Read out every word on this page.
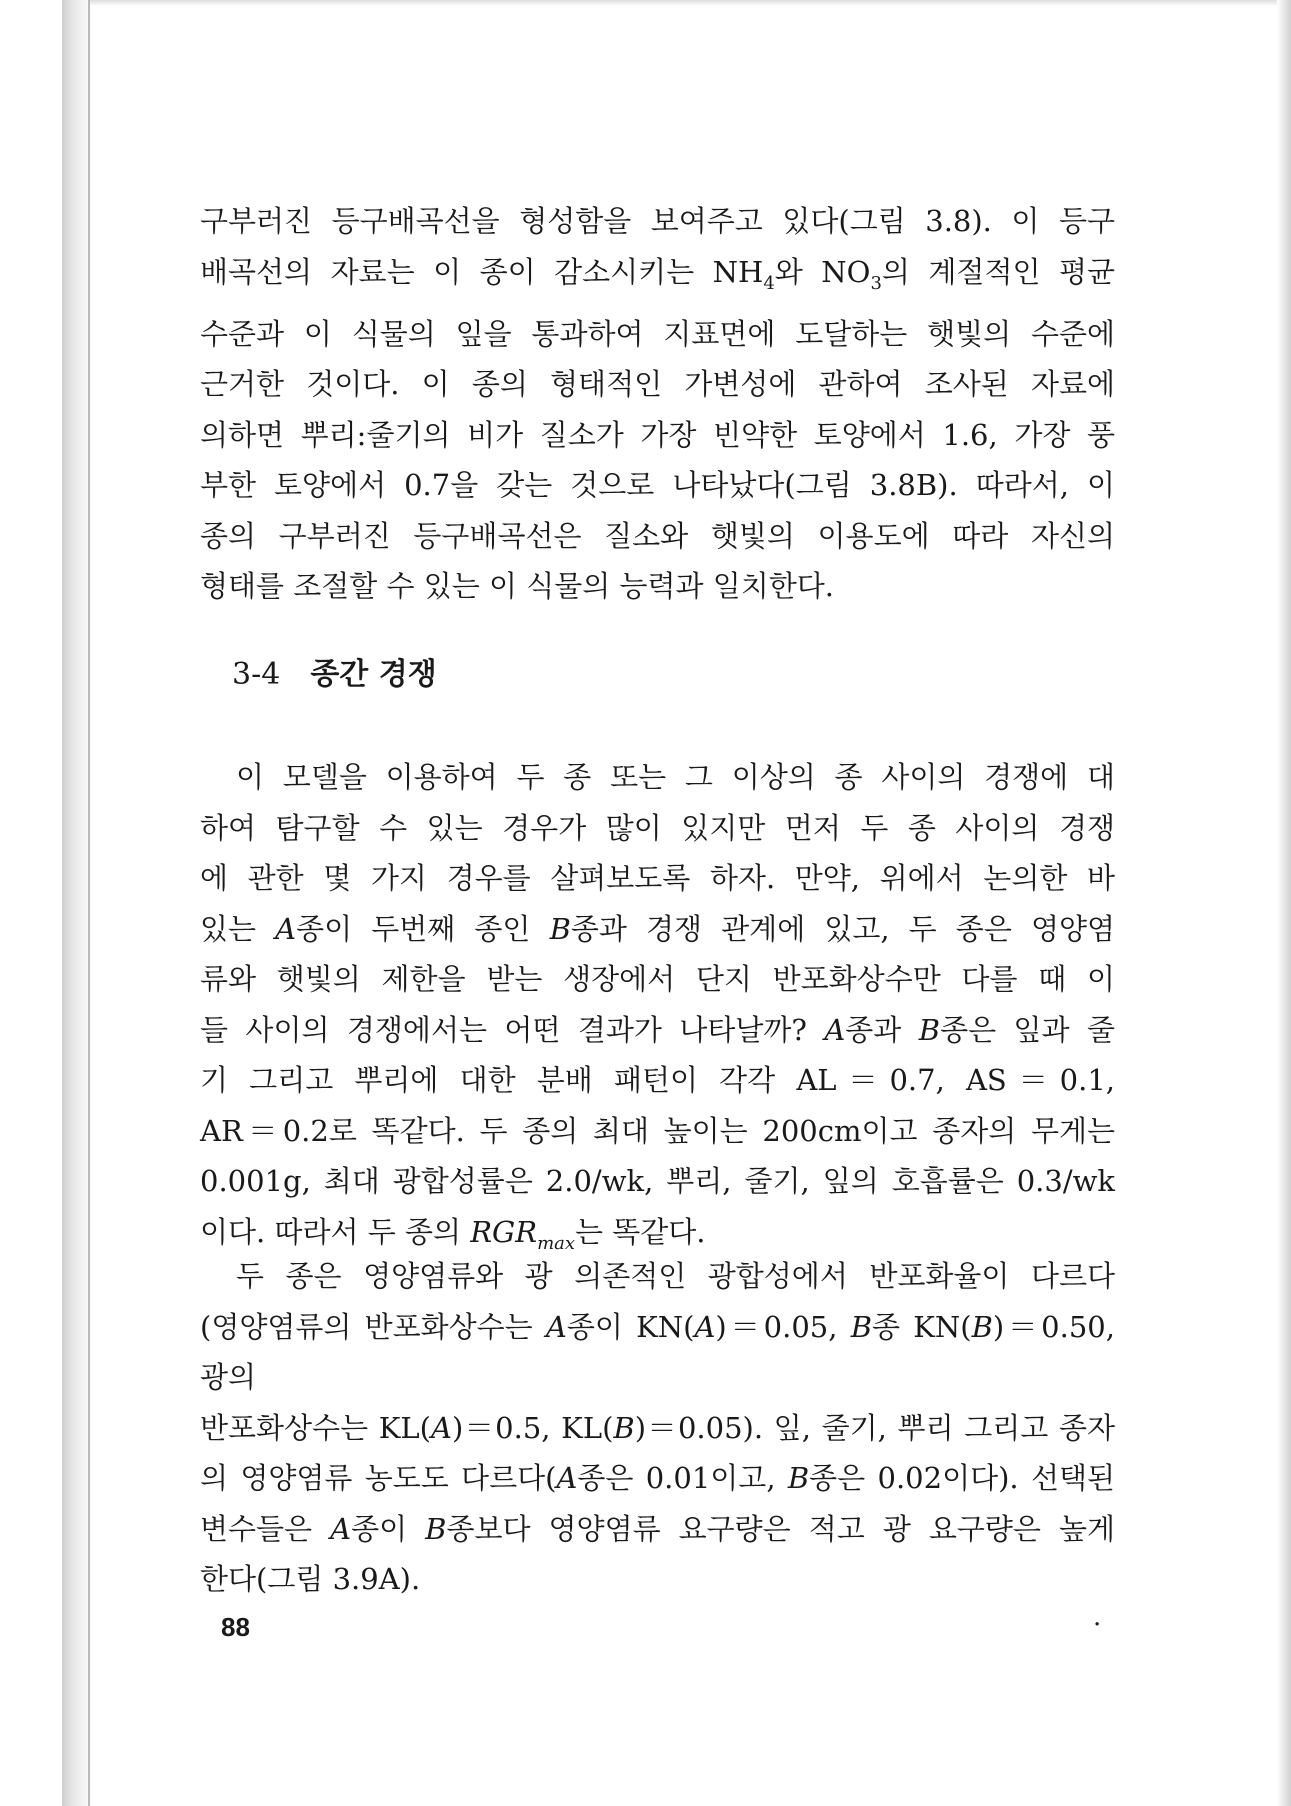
구부러진 등구배곡선을 형성함을 보여주고 있다(그림 3.8). 이 등구

배곡선의 자료는 이 종이 감소시키는 $NH_4$와 $NO_3$의 계절적인 평균

수준과 이 식물의 잎을 통과하여 지표면에 도달하는 햇빛의 수준에

근거한 것이다. 이 종의 형태적인 가변성에 관하여 조사된 자료에

의하면 뿌리:줄기의 비가 질소가 가장 빈약한 토양에서 1.6, 가장 풍

부한 토양에서 0.7을 갖는 것으로 나타났다(그림 3.8B). 따라서, 이

종의 구부러진 등구배곡선은 질소와 햇빛의 이용도에 따라 자신의

형태를 조절할 수 있는 이 식물의 능력과 일치한다.

3-4 종간 경쟁

이 모델을 이용하여 두 종 또는 그 이상의 종 사이의 경쟁에 대

하여 탐구할 수 있는 경우가 많이 있지만 먼저 두 종 사이의 경쟁

에 관한 몇 가지 경우를 살펴보도록 하자. 만약, 위에서 논의한 바

있는 A종이 두번째 종인 B종과 경쟁 관계에 있고, 두 종은 영양염

류와 햇빛의 제한을 받는 생장에서 단지 반포화상수만 다를 때 이

들 사이의 경쟁에서는 어떤 결과가 나타날까? A종과 B종은 잎과 줄

기 그리고 뿌리에 대한 분배 패턴이 각각 AL＝0.7, AS＝0.1,

AR＝0.2로 똑같다. 두 종의 최대 높이는 200cm이고 종자의 무게는

0.001g, 최대 광합성률은 2.0/wk, 뿌리, 줄기, 잎의 호흡률은 0.3/wk

이다. 따라서 두 종의 $RGR_{max}$는 똑같다.

두 종은 영양염류와 광 의존적인 광합성에서 반포화율이 다르다

(영양염류의 반포화상수는 A종이 KN(A)＝0.05, B종 KN(B)＝0.50, 광의

반포화상수는 KL(A)＝0.5, KL(B)＝0.05). 잎, 줄기, 뿌리 그리고 종자

의 영양염류 농도도 다르다(A종은 0.01이고, B종은 0.02이다). 선택된

변수들은 A종이 B종보다 영양염류 요구량은 적고 광 요구량은 높게

한다(그림 3.9A).

88	·
